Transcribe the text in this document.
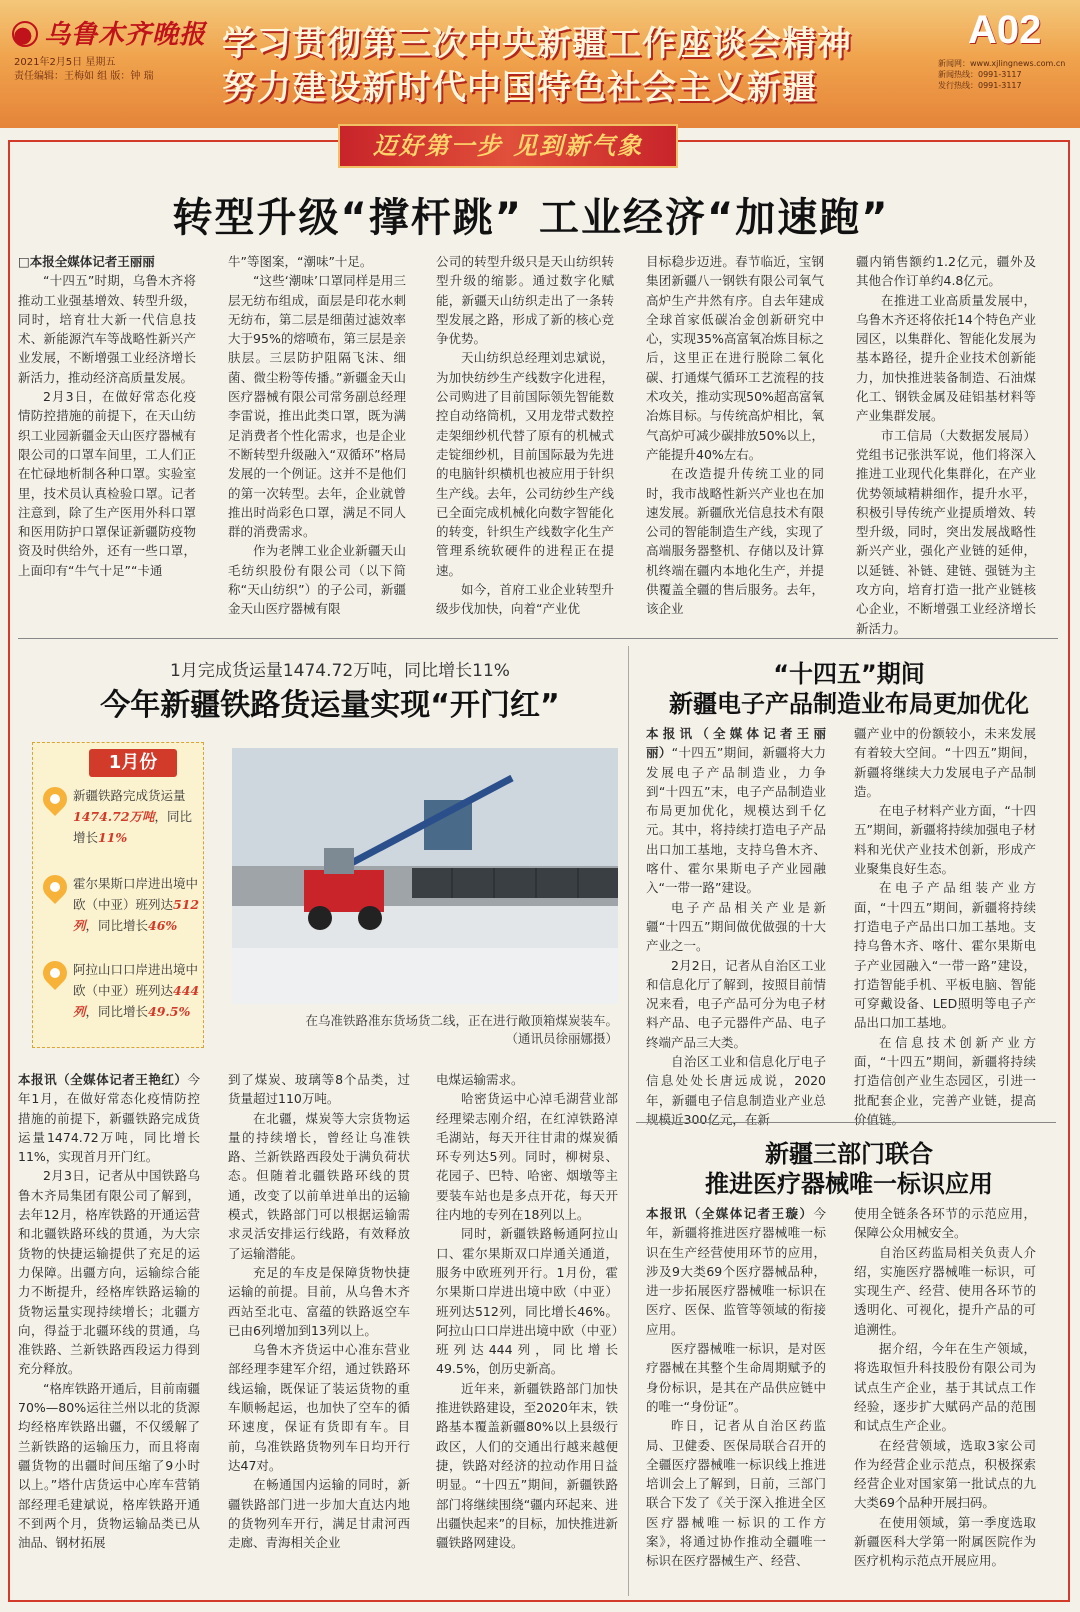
乌鲁木齐晚报
2021年2月5日 星期五
责任编辑：王梅如 组 版：钟 瑞
学习贯彻第三次中央新疆工作座谈会精神
努力建设新时代中国特色社会主义新疆
A02
新闻网：www.xjlingnews.com.cn
新闻热线：0991-3117
发行热线：0991-3117
迈好第一步 见到新气象
转型升级“撑杆跳” 工业经济“加速跑”

□本报全媒体记者王丽丽

“十四五”时期，乌鲁木齐将推动工业强基增效、转型升级，同时，培育壮大新一代信息技术、新能源汽车等战略性新兴产业发展，不断增强工业经济增长新活力，推动经济高质量发展。

2月3日，在做好常态化疫情防控措施的前提下，在天山纺织工业园新疆金天山医疗器械有限公司的口罩车间里，工人们正在忙碌地析制各种口罩。实验室里，技术员认真检验口罩。记者注意到，除了生产医用外科口罩和医用防护口罩保证新疆防疫物资及时供给外，还有一些口罩，上面印有“牛气十足”“卡通

牛”等图案，“潮味”十足。

“这些‘潮味’口罩同样是用三层无纺布组成，面层是印花水刺无纺布，第二层是细菌过滤效率大于95%的熔喷布，第三层是亲肤层。三层防护阻隔飞沫、细菌、微尘粉等传播。”新疆金天山医疗器械有限公司常务副总经理李雷说，推出此类口罩，既为满足消费者个性化需求，也是企业不断转型升级融入“双循环”格局发展的一个例证。这并不是他们的第一次转型。去年，企业就曾推出时尚彩色口罩，满足不同人群的消费需求。

作为老牌工业企业新疆天山毛纺织股份有限公司（以下简称“天山纺织”）的子公司，新疆金天山医疗器械有限

公司的转型升级只是天山纺织转型升级的缩影。通过数字化赋能，新疆天山纺织走出了一条转型发展之路，形成了新的核心竞争优势。

天山纺织总经理刘忠斌说，为加快纺纱生产线数字化进程，公司购进了目前国际领先智能数控自动络筒机，又用龙带式数控走架细纱机代替了原有的机械式走锭细纱机，目前国际最为先进的电脑针织横机也被应用于针织生产线。去年，公司纺纱生产线已全面完成机械化向数字智能化的转变，针织生产线数字化生产管理系统软硬件的进程正在提速。

如今，首府工业企业转型升级步伐加快，向着“产业优

目标稳步迈进。春节临近，宝钢集团新疆八一钢铁有限公司氧气高炉生产井然有序。自去年建成全球首家低碳冶金创新研究中心，实现35%高富氧冶炼目标之后，这里正在进行脱除二氧化碳、打通煤气循环工艺流程的技术攻关，推动实现50%超高富氧冶炼目标。与传统高炉相比，氧气高炉可减少碳排放50%以上，产能提升40%左右。

在改造提升传统工业的同时，我市战略性新兴产业也在加速发展。新疆欣光信息技术有限公司的智能制造生产线，实现了高端服务器整机、存储以及计算机终端在疆内本地化生产，并提供覆盖全疆的售后服务。去年，该企业

疆内销售额约1.2亿元，疆外及其他合作订单约4.8亿元。

在推进工业高质量发展中，乌鲁木齐还将依托14个特色产业园区，以集群化、智能化发展为基本路径，提升企业技术创新能力，加快推进装备制造、石油煤化工、钢铁金属及硅铝基材料等产业集群发展。

市工信局（大数据发展局）党组书记张洪军说，他们将深入推进工业现代化集群化，在产业优势领域精耕细作，提升水平，积极引导传统产业提质增效、转型升级，同时，突出发展战略性新兴产业，强化产业链的延伸，以延链、补链、建链、强链为主攻方向，培育打造一批产业链核心企业，不断增强工业经济增长新活力。

1月完成货运量1474.72万吨，同比增长11%
今年新疆铁路货运量实现“开门红”
1月份
新疆铁路完成货运量1474.72万吨，同比增长11%
霍尔果斯口岸进出境中欧（中亚）班列达512列，同比增长46%
阿拉山口口岸进出境中欧（中亚）班列达444列，同比增长49.5%
在乌准铁路准东货场货二线，正在进行敞顶箱煤炭装车。
（通讯员徐丽娜摄）

本报讯（全媒体记者王艳红）今年1月，在做好常态化疫情防控措施的前提下，新疆铁路完成货运量1474.72万吨，同比增长11%，实现首月开门红。

2月3日，记者从中国铁路乌鲁木齐局集团有限公司了解到，去年12月，格库铁路的开通运营和北疆铁路环线的贯通，为大宗货物的快捷运输提供了充足的运力保障。出疆方向，运输综合能力不断提升，经格库铁路运输的货物运量实现持续增长；北疆方向，得益于北疆环线的贯通，乌准铁路、兰新铁路西段运力得到充分释放。

“格库铁路开通后，目前南疆70%—80%运往兰州以北的货源均经格库铁路出疆，不仅缓解了兰新铁路的运输压力，而且将南疆货物的出疆时间压缩了9小时以上。”塔什店货运中心库车营销部经理毛建斌说，格库铁路开通不到两个月，货物运输品类已从油品、钢材拓展

到了煤炭、玻璃等8个品类，过货量超过110万吨。

在北疆，煤炭等大宗货物运量的持续增长，曾经让乌准铁路、兰新铁路西段处于满负荷状态。但随着北疆铁路环线的贯通，改变了以前单进单出的运输模式，铁路部门可以根据运输需求灵活安排运行线路，有效释放了运输潜能。

充足的车皮是保障货物快捷运输的前提。目前，从乌鲁木齐西站至北屯、富蕴的铁路返空车已由6列增加到13列以上。

乌鲁木齐货运中心准东营业部经理李建军介绍，通过铁路环线运输，既保证了装运货物的重车顺畅起运，也加快了空车的循环速度，保证有货即有车。目前，乌准铁路货物列车日均开行达47对。

在畅通国内运输的同时，新疆铁路部门进一步加大直达内地的货物列车开行，满足甘肃河西走廊、青海相关企业

电煤运输需求。

哈密货运中心淖毛湖营业部经理梁志刚介绍，在红淖铁路淖毛湖站，每天开往甘肃的煤炭循环专列达5列。同时，柳树泉、花园子、巴特、哈密、烟墩等主要装车站也是多点开花，每天开往内地的专列在18列以上。

同时，新疆铁路畅通阿拉山口、霍尔果斯双口岸通关通道，服务中欧班列开行。1月份，霍尔果斯口岸进出境中欧（中亚）班列达512列，同比增长46%。阿拉山口口岸进出境中欧（中亚）班列达444列，同比增长49.5%，创历史新高。

近年来，新疆铁路部门加快推进铁路建设，至2020年末，铁路基本覆盖新疆80%以上县级行政区，人们的交通出行越来越便捷，铁路对经济的拉动作用日益明显。“十四五”期间，新疆铁路部门将继续围绕“疆内环起来、进出疆快起来”的目标，加快推进新疆铁路网建设。

“十四五”期间
新疆电子产品制造业布局更加优化

本报讯（全媒体记者王丽丽）“十四五”期间，新疆将大力发展电子产品制造业，力争到“十四五”末，电子产品制造业布局更加优化，规模达到千亿元。其中，将持续打造电子产品出口加工基地，支持乌鲁木齐、喀什、霍尔果斯电子产业园融入“一带一路”建设。

电子产品相关产业是新疆“十四五”期间做优做强的十大产业之一。

2月2日，记者从自治区工业和信息化厅了解到，按照目前情况来看，电子产品可分为电子材料产品、电子元器件产品、电子终端产品三大类。

自治区工业和信息化厅电子信息处处长唐远成说，2020年，新疆电子信息制造业产业总规模近300亿元，在新

疆产业中的份额较小，未来发展有着较大空间。“十四五”期间，新疆将继续大力发展电子产品制造。

在电子材料产业方面，“十四五”期间，新疆将持续加强电子材料和光伏产业技术创新，形成产业聚集良好生态。

在电子产品组装产业方面，“十四五”期间，新疆将持续打造电子产品出口加工基地。支持乌鲁木齐、喀什、霍尔果斯电子产业园融入“一带一路”建设，打造智能手机、平板电脑、智能可穿戴设备、LED照明等电子产品出口加工基地。

在信息技术创新产业方面，“十四五”期间，新疆将持续打造信创产业生态园区，引进一批配套企业，完善产业链，提高价值链。

新疆三部门联合
推进医疗器械唯一标识应用

本报讯（全媒体记者王璇）今年，新疆将推进医疗器械唯一标识在生产经营使用环节的应用，涉及9大类69个医疗器械品种，进一步拓展医疗器械唯一标识在医疗、医保、监管等领域的衔接应用。

医疗器械唯一标识，是对医疗器械在其整个生命周期赋予的身份标识，是其在产品供应链中的唯一“身份证”。

昨日，记者从自治区药监局、卫健委、医保局联合召开的全疆医疗器械唯一标识线上推进培训会上了解到，日前，三部门联合下发了《关于深入推进全区医疗器械唯一标识的工作方案》，将通过协作推动全疆唯一标识在医疗器械生产、经营、

使用全链条各环节的示范应用，保障公众用械安全。

自治区药监局相关负责人介绍，实施医疗器械唯一标识，可实现生产、经营、使用各环节的透明化、可视化，提升产品的可追溯性。

据介绍，今年在生产领域，将选取恒升科技股份有限公司为试点生产企业，基于其试点工作经验，逐步扩大赋码产品的范围和试点生产企业。

在经营领域，选取3家公司作为经营企业示范点，积极探索经营企业对国家第一批试点的九大类69个品种开展扫码。

在使用领域，第一季度选取新疆医科大学第一附属医院作为医疗机构示范点开展应用。
